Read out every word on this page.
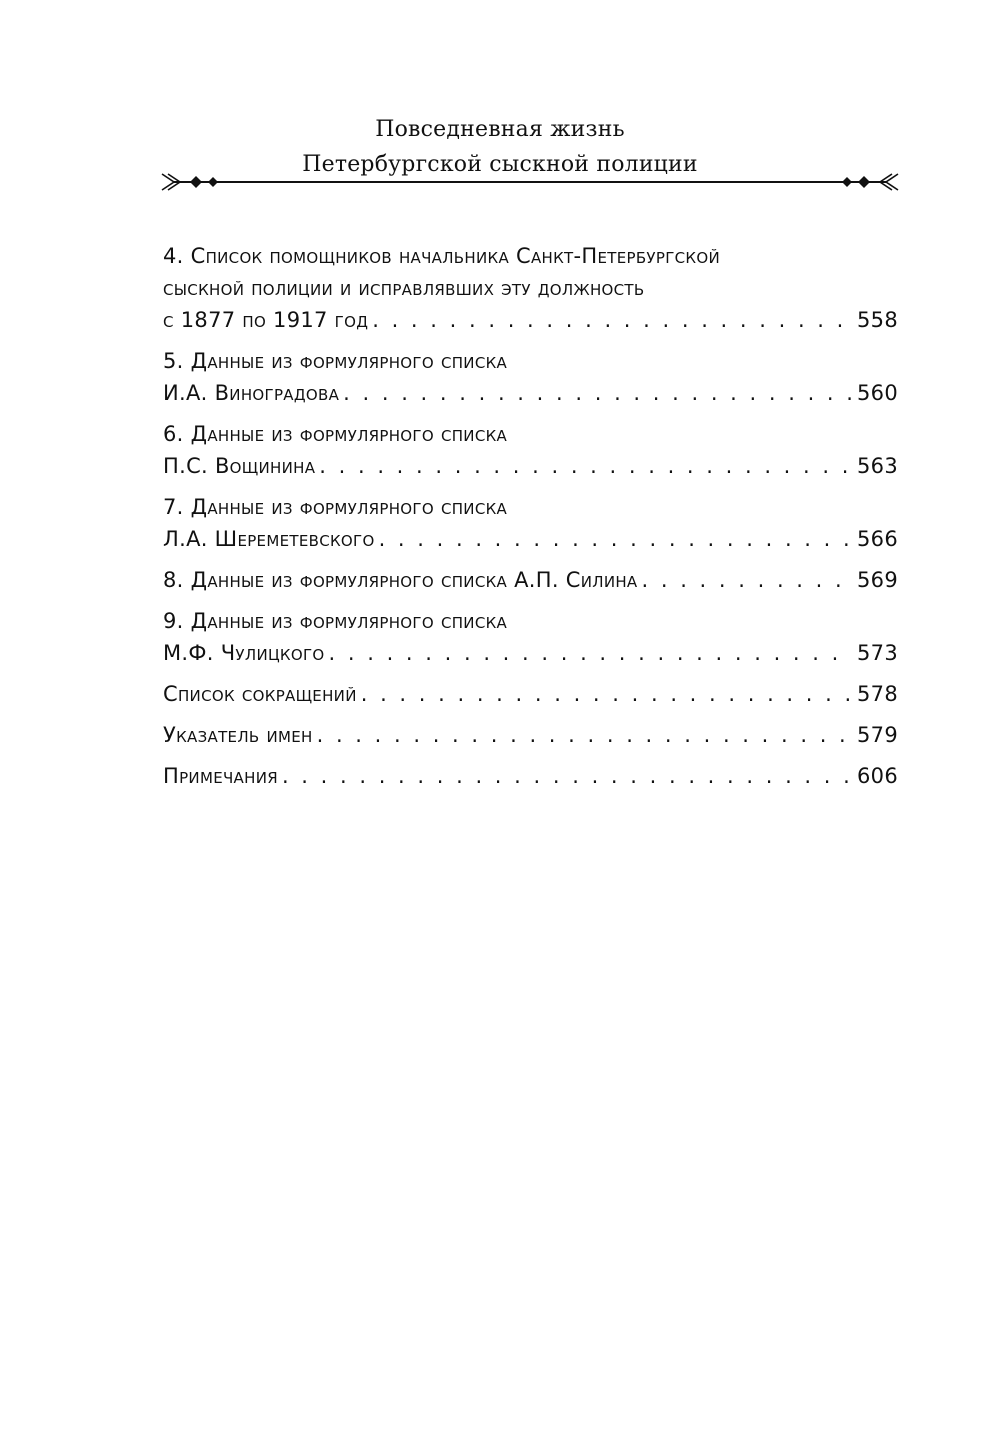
Повседневная жизнь
Петербургской сыскной полиции
4. Список помощников начальника Санкт-Петербургской
сыскной полиции и исправлявших эту должность
с 1877 по 1917 год . . .	558
5. Данные из формулярного списка
И.А. Виноградова . . .	560
6. Данные из формулярного списка
П.С. Вощинина . . .	563
7. Данные из формулярного списка
Л.А. Шереметевского . . .	566
8. Данные из формулярного списка А.П. Силина . . .	569
9. Данные из формулярного списка
М.Ф. Чулицкого . . .	573
Список сокращений . . .	578
Указатель имен . . .	579
Примечания . . .	606
